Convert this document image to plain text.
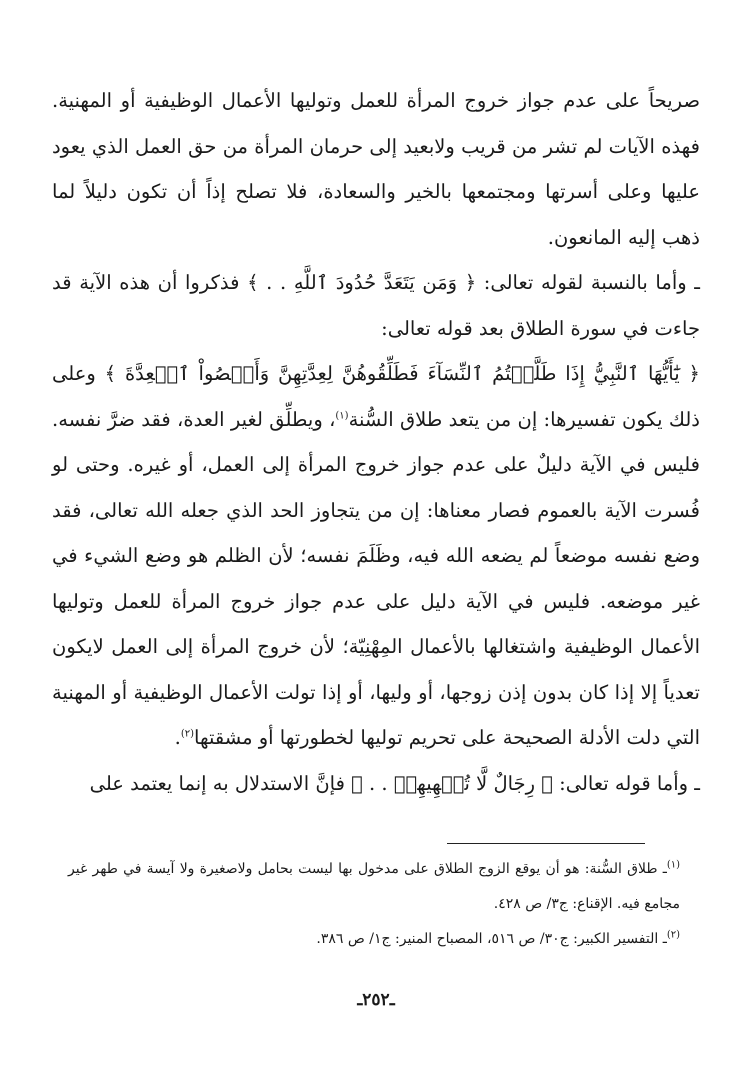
صريحاً على عدم جواز خروج المرأة للعمل وتوليها الأعمال الوظيفية أو المهنية. فهذه الآيات لم تشر من قريب ولابعيد إلى حرمان المرأة من حق العمل الذي يعود عليها وعلى أسرتها ومجتمعها بالخير والسعادة، فلا تصلح إذاً أن تكون دليلاً لما ذهب إليه المانعون.

ـ وأما بالنسبة لقوله تعالى: ﴿ وَمَن يَتَعَدَّ حُدُودَ ٱللَّهِ . . ﴾ فذكروا أن هذه الآية قد جاءت في سورة الطلاق بعد قوله تعالى:

﴿ يَٰٓأَيُّهَا ٱلنَّبِيُّ إِذَا طَلَّقۡتُمُ ٱلنِّسَآءَ فَطَلِّقُوهُنَّ لِعِدَّتِهِنَّ وَأَحۡصُواْ ٱلۡعِدَّةَ ﴾ وعلى ذلك يكون تفسيرها: إن من يتعد طلاق السُّنة$^{(١)}$، ويطلِّق لغير العدة، فقد ضرَّ نفسه. فليس في الآية دليلٌ على عدم جواز خروج المرأة إلى العمل، أو غيره. وحتى لو فُسرت الآية بالعموم فصار معناها: إن من يتجاوز الحد الذي جعله الله تعالى، فقد وضع نفسه موضعاً لم يضعه الله فيه، وظَلَمَ نفسه؛ لأن الظلم هو وضع الشيء في غير موضعه. فليس في الآية دليل على عدم جواز خروج المرأة للعمل وتوليها الأعمال الوظيفية واشتغالها بالأعمال المِهْنِيّة؛ لأن خروج المرأة إلى العمل لايكون تعدياً إلا إذا كان بدون إذن زوجها، أو وليها، أو إذا تولت الأعمال الوظيفية أو المهنية التي دلت الأدلة الصحيحة على تحريم توليها لخطورتها أو مشقتها$^{(٢)}$.

ـ وأما قوله تعالى: ﴿ رِجَالٌ لَّا تُلۡهِيهِمۡ . . ﴾ فإنَّ الاستدلال به إنما يعتمد على

$^{(١)}$ـ طلاق السُّنة: هو أن يوقع الزوج الطلاق على مدخول بها ليست بحامل ولاصغيرة ولا آيسة في طهر غير مجامع فيه. الإقناع: ج٣/ ص ٤٢٨.

$^{(٢)}$ـ التفسير الكبير: ج٣٠/ ص ٥١٦، المصباح المنير: ج١/ ص ٣٨٦.

ـ٢٥٢ـ
